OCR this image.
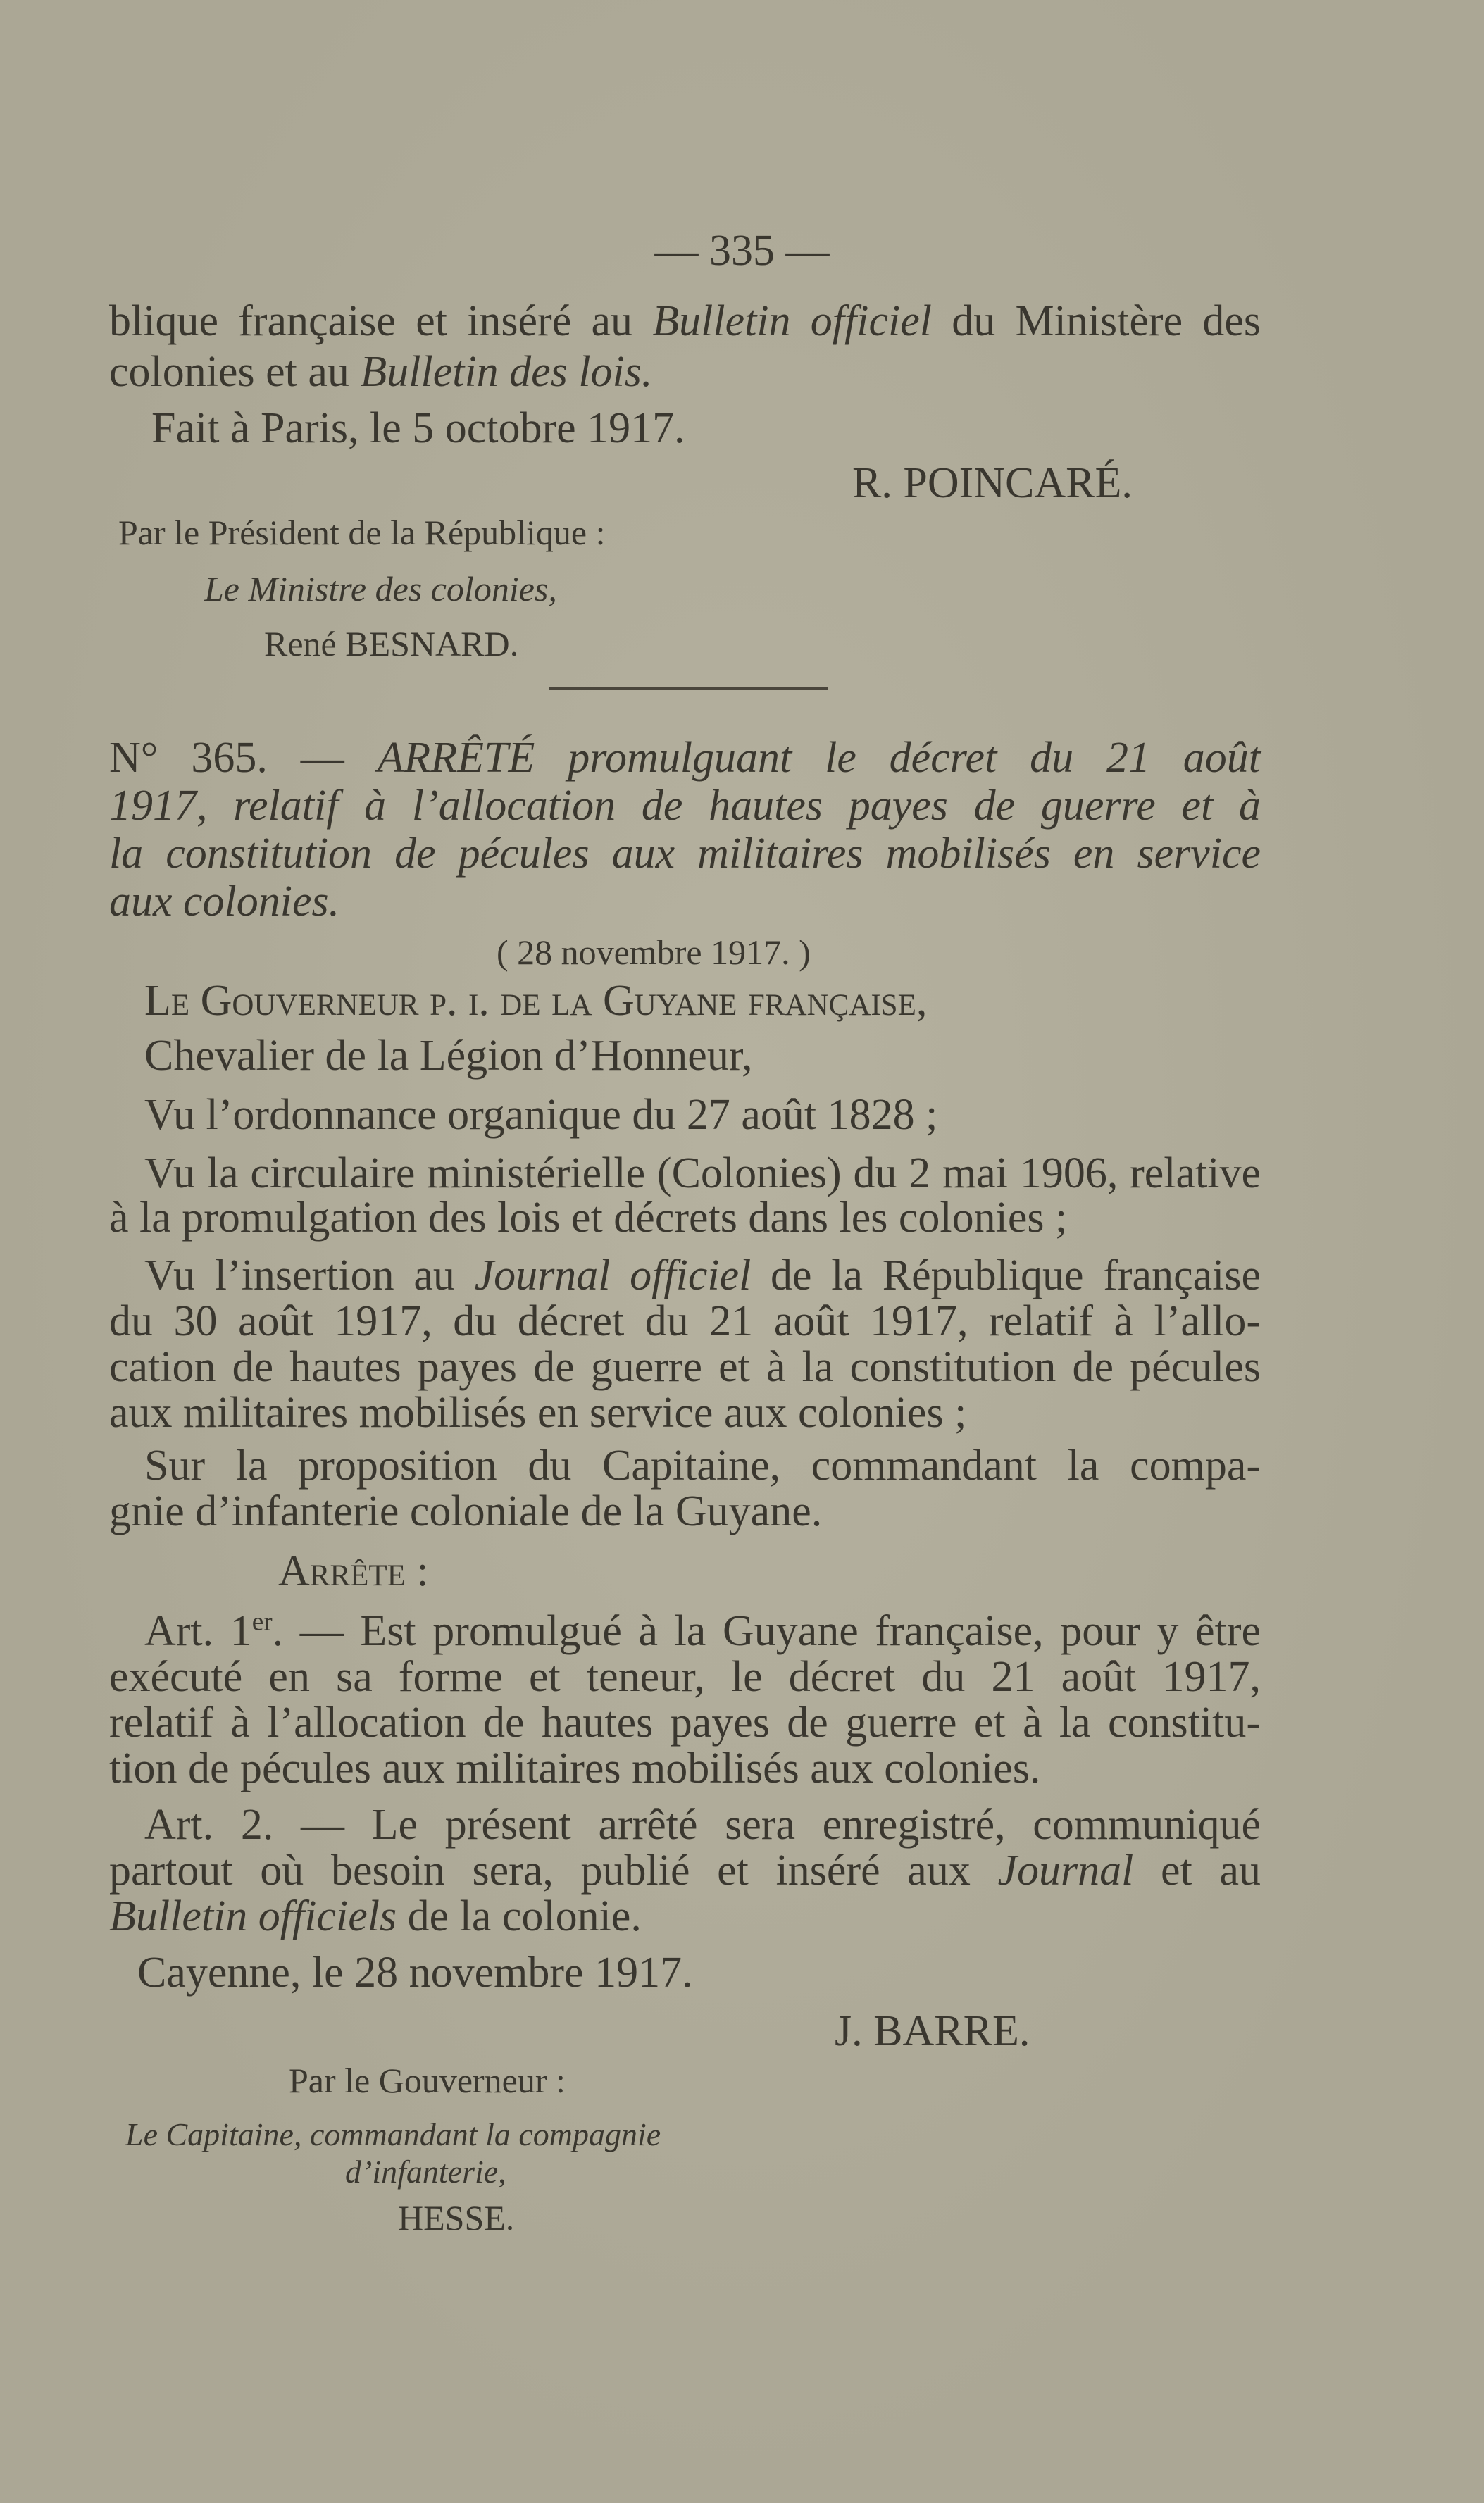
— 335 —

blique française et inséré au Bulletin officiel du Ministère des

colonies et au Bulletin des lois.

Fait à Paris, le 5 octobre 1917.

R. POINCARÉ.

Par le Président de la République :

Le Ministre des colonies,

René BESNARD.

N° 365. — ARRÊTÉ promulguant le décret du 21 août

1917, relatif à l’allocation de hautes payes de guerre et à

la constitution de pécules aux militaires mobilisés en service

aux colonies.

( 28 novembre 1917. )

Le Gouverneur p. i. de la Guyane française,

Chevalier de la Légion d’Honneur,

Vu l’ordonnance organique du 27 août 1828 ;

Vu la circulaire ministérielle (Colonies) du 2 mai 1906, relative

à la promulgation des lois et décrets dans les colonies ;

Vu l’insertion au Journal officiel de la République française

du 30 août 1917, du décret du 21 août 1917, relatif à l’allo-

cation de hautes payes de guerre et à la constitution de pécules

aux militaires mobilisés en service aux colonies ;

Sur la proposition du Capitaine, commandant la compa-

gnie d’infanterie coloniale de la Guyane.

Arrête :

Art. 1er. — Est promulgué à la Guyane française, pour y être

exécuté en sa forme et teneur, le décret du 21 août 1917,

relatif à l’allocation de hautes payes de guerre et à la constitu-

tion de pécules aux militaires mobilisés aux colonies.

Art. 2. — Le présent arrêté sera enregistré, communiqué

partout où besoin sera, publié et inséré aux Journal et au

Bulletin officiels de la colonie.

Cayenne, le 28 novembre 1917.

J. BARRE.

Par le Gouverneur :

Le Capitaine, commandant la compagnie

d’infanterie,

HESSE.
